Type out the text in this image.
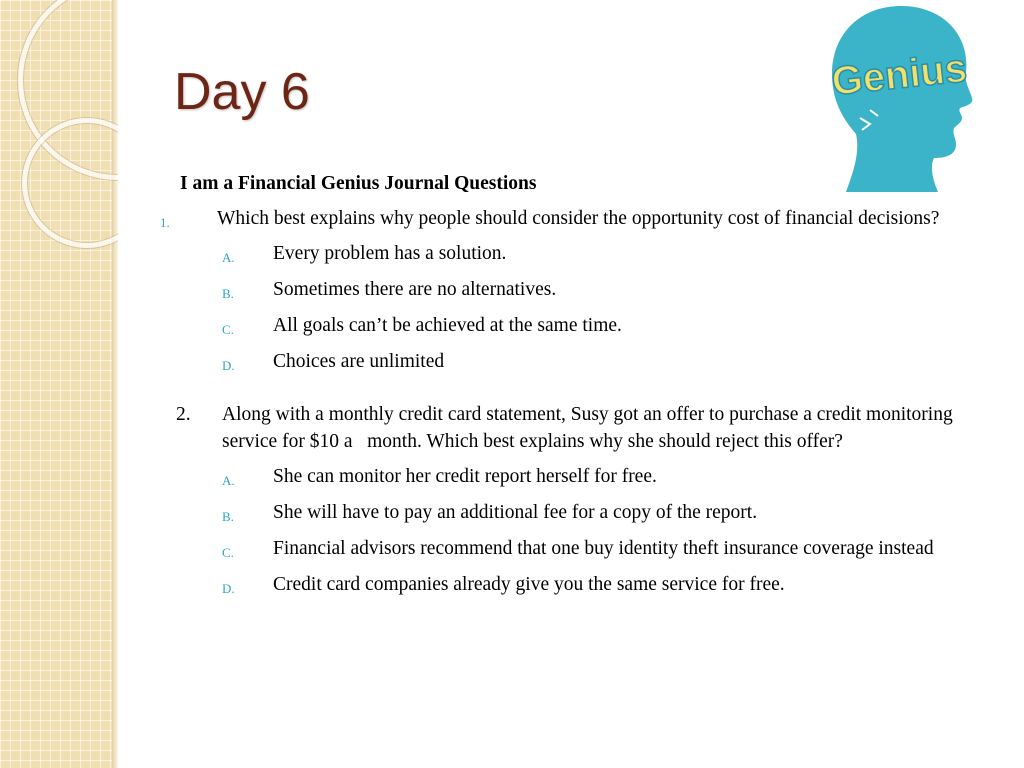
Day 6	Genius

I am a Financial Genius Journal Questions

1. Which best explains why people should consider the opportunity cost of financial decisions?
A. Every problem has a solution.
B. Sometimes there are no alternatives.
C. All goals can’t be achieved at the same time.
D. Choices are unlimited
2. Along with a monthly credit card statement, Susy got an offer to purchase a credit monitoring service for $10 a   month. Which best explains why she should reject this offer?
A. She can monitor her credit report herself for free.
B. She will have to pay an additional fee for a copy of the report.
C. Financial advisors recommend that one buy identity theft insurance coverage instead
D. Credit card companies already give you the same service for free.
